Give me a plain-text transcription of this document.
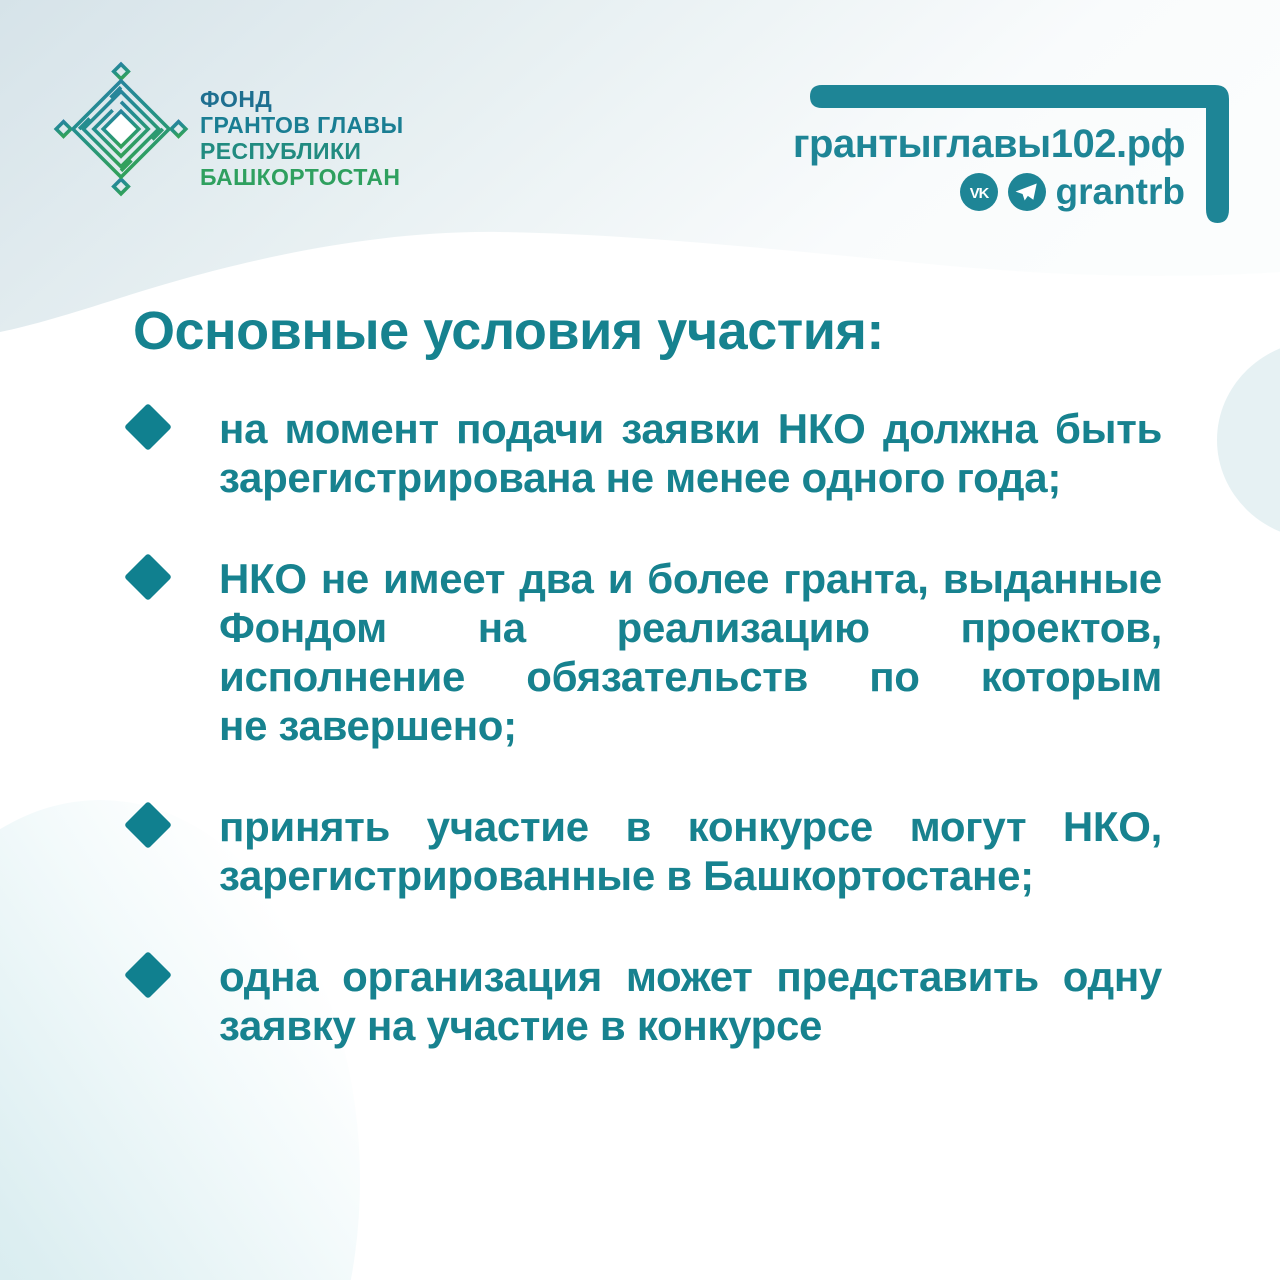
ФОНД
ГРАНТОВ ГЛАВЫ
РЕСПУБЛИКИ
БАШКОРТОСТАН
грантыглавы102.рф
VK grantrb
Основные условия участия:
на момент подачи заявки НКО должна быть
зарегистрирована не менее одного года;
НКО не имеет два и более гранта, выданные
Фондом на реализацию проектов,
исполнение обязательств по которым
не завершено;
принять участие в конкурсе могут НКО,
зарегистрированные в Башкортостане;
одна организация может представить одну
заявку на участие в конкурсе
